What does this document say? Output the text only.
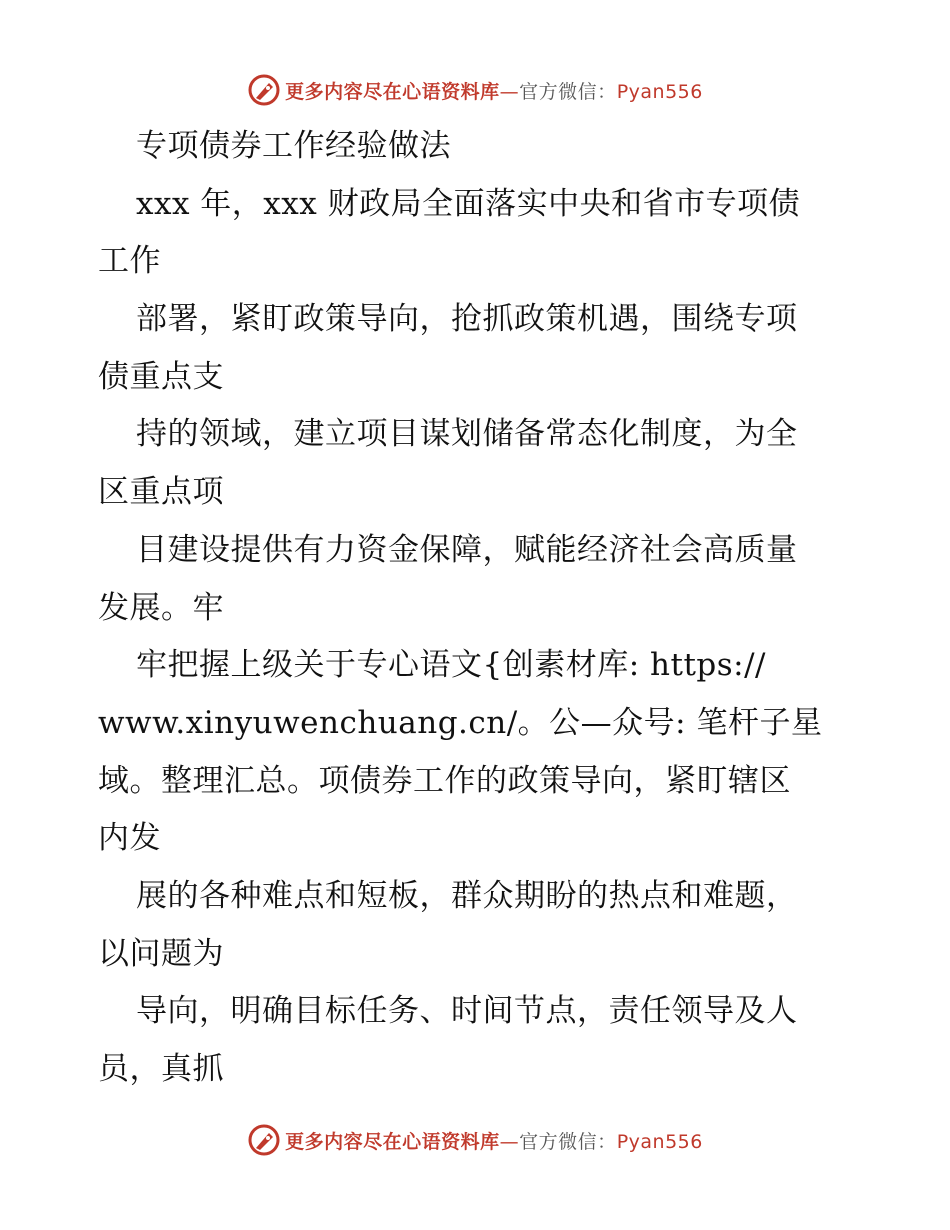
更多内容尽在心语资料库—官方微信：Pyan556
专项债券工作经验做法
xxx 年，xxx 财政局全面落实中央和省市专项债
工作
部署，紧盯政策导向，抢抓政策机遇，围绕专项
债重点支
持的领域，建立项目谋划储备常态化制度，为全
区重点项
目建设提供有力资金保障，赋能经济社会高质量
发展。牢
牢把握上级关于专心语文{创素材库: https://
www.xinyuwenchuang.cn/。公—众号: 笔杆子星
域。整理汇总。项债券工作的政策导向，紧盯辖区
内发
展的各种难点和短板，群众期盼的热点和难题，
以问题为
导向，明确目标任务、时间节点，责任领导及人
员，真抓
更多内容尽在心语资料库—官方微信：Pyan556
